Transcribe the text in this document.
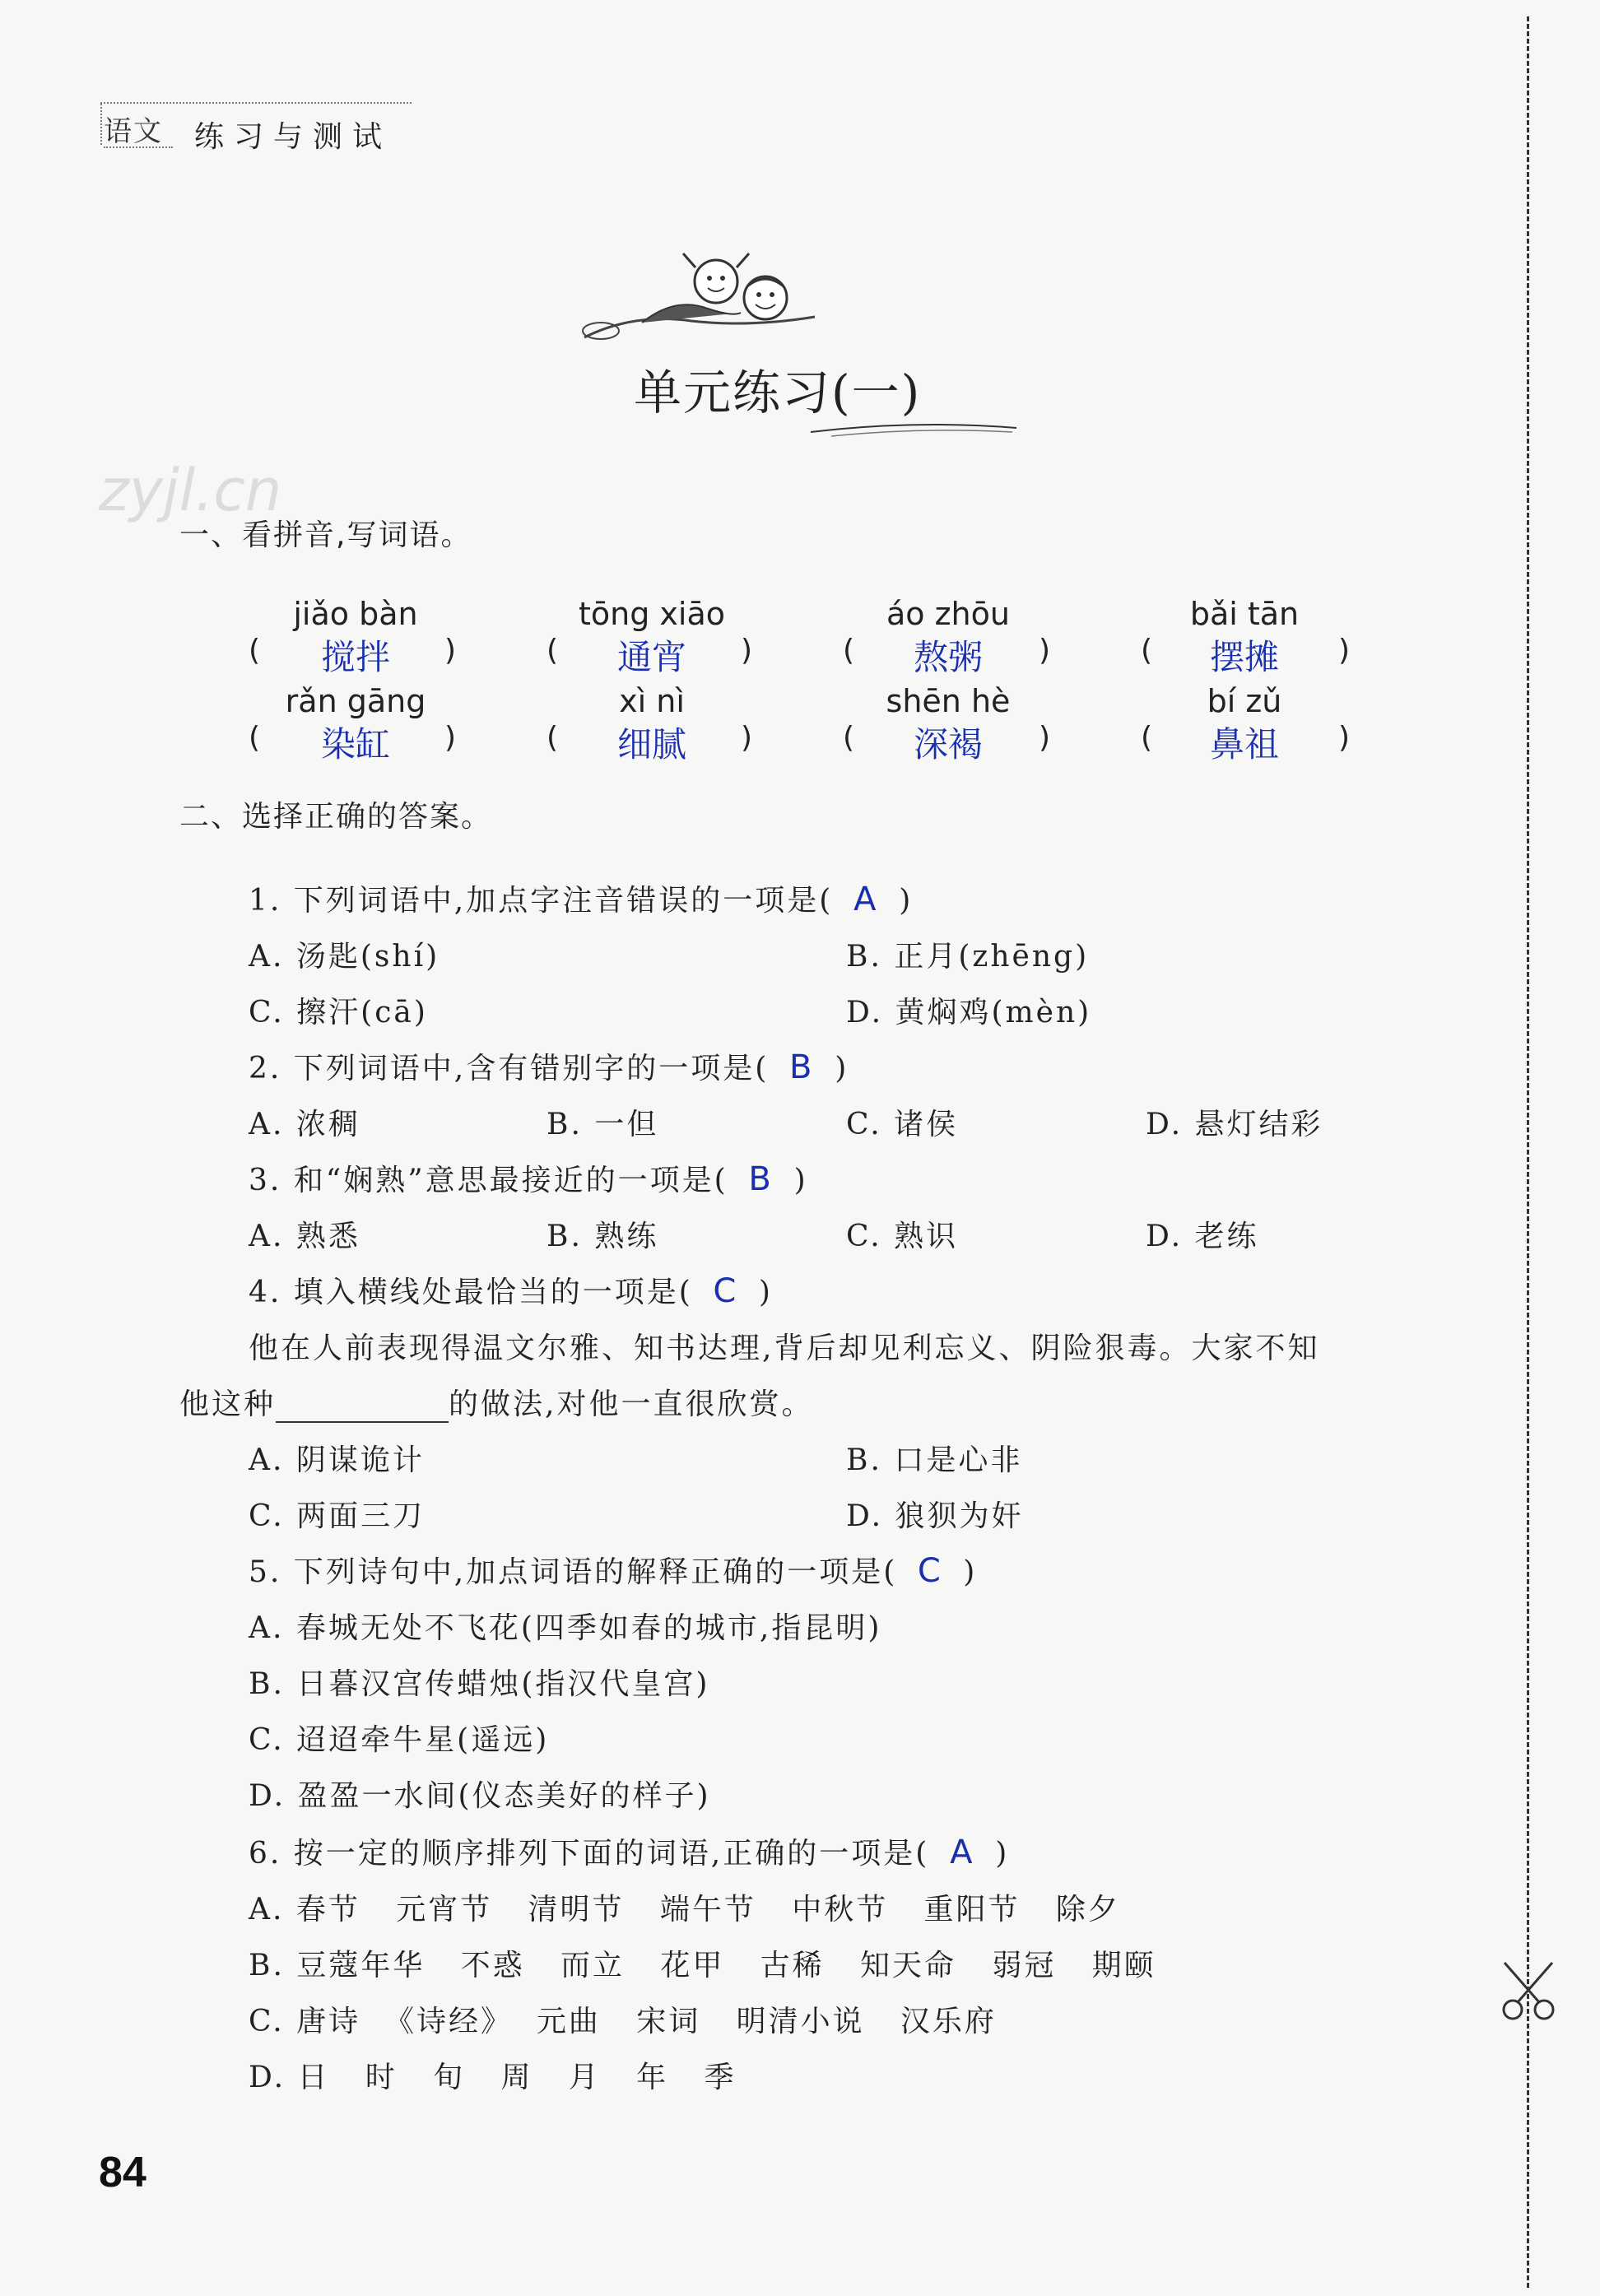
语文 练习与测试
单元练习(一)
zyjl.cn
一、看拼音,写词语。
jiǎo bàn	tōng xiāo	áo zhōu	bǎi tān
(	搅拌	)	(	通宵	)	(	熬粥	)	(	摆摊	)
rǎn gāng	xì nì	shēn hè	bí zǔ
(	染缸	)	(	细腻	)	(	深褐	)	(	鼻祖	)
二、选择正确的答案。
1. 下列词语中,加点字注音错误的一项是( A )
A. 汤匙(shí)	B. 正月(zhēng)
C. 擦汗(cā)	D. 黄焖鸡(mèn)
2. 下列词语中,含有错别字的一项是( B )
A. 浓稠	B. 一但	C. 诸侯	D. 悬灯结彩
3. 和“娴熟”意思最接近的一项是( B )
A. 熟悉	B. 熟练	C. 熟识	D. 老练
4. 填入横线处最恰当的一项是( C )
他在人前表现得温文尔雅、知书达理,背后却见利忘义、阴险狠毒。大家不知
他这种	的做法,对他一直很欣赏。
A. 阴谋诡计	B. 口是心非
C. 两面三刀	D. 狼狈为奸
5. 下列诗句中,加点词语的解释正确的一项是( C )
A. 春城无处不飞花(四季如春的城市,指昆明)
B. 日暮汉宫传蜡烛(指汉代皇宫)
C. 迢迢牵牛星(遥远)
D. 盈盈一水间(仪态美好的样子)
6. 按一定的顺序排列下面的词语,正确的一项是( A )
A. 春节   元宵节   清明节   端午节   中秋节   重阳节   除夕
B. 豆蔻年华   不惑   而立   花甲   古稀   知天命   弱冠   期颐
C. 唐诗  《诗经》  元曲   宋词   明清小说   汉乐府
D. 日   时   旬   周   月   年   季
84
